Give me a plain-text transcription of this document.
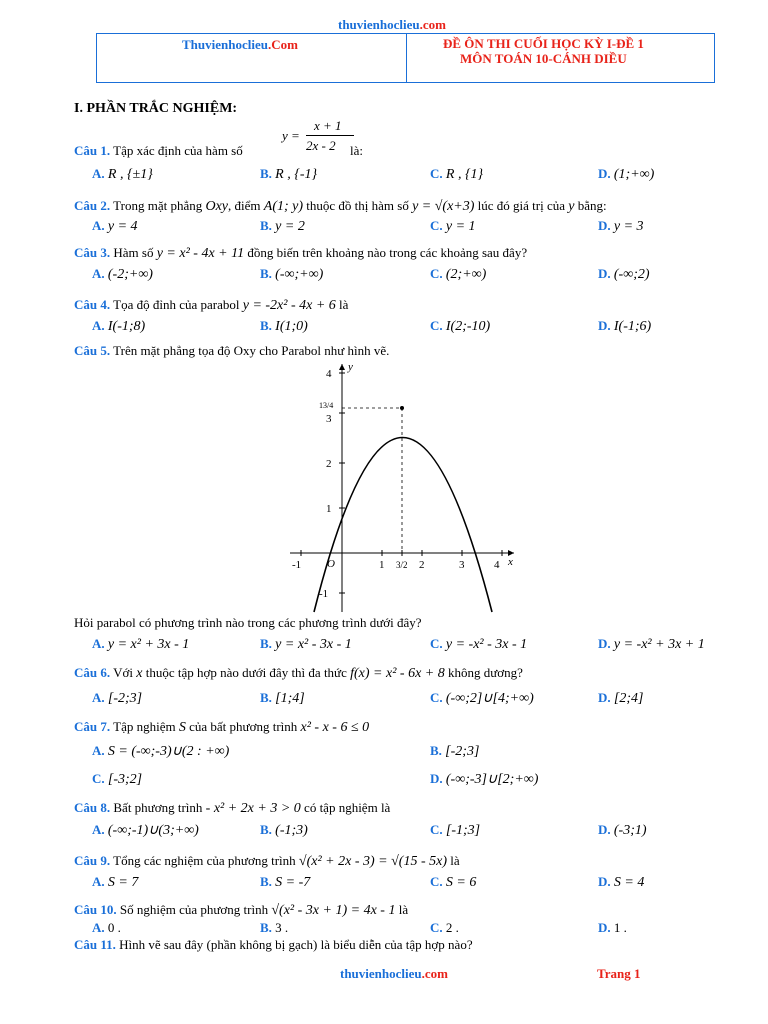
thuvienhoclieu.com
Thuvienhoclieu.Com	ĐỀ ÔN THI CUỐI HỌC KỲ I-ĐỀ 1
MÔN TOÁN 10-CÁNH DIỀU
I. PHẦN TRẮC NGHIỆM:
Câu 1. Tập xác định của hàm số
y =
x + 1
2x - 2 là:
A. R , {±1}	B. R , {-1}	C. R , {1}	D. (1;+∞)
Câu 2. Trong mặt phẳng Oxy, điểm A(1; y) thuộc đồ thị hàm số y = √(x+3) lúc đó giá trị của y bằng:
A. y = 4	B. y = 2	C. y = 1	D. y = 3
Câu 3. Hàm số y = x² - 4x + 11 đồng biến trên khoảng nào trong các khoảng sau đây?
A. (-2;+∞)	B. (-∞;+∞)	C. (2;+∞)	D. (-∞;2)
Câu 4. Tọa độ đỉnh của parabol y = -2x² - 4x + 6 là
A. I(-1;8)	B. I(1;0)	C. I(2;-10)	D. I(-1;6)
Câu 5. Trên mặt phẳng tọa độ Oxy cho Parabol như hình vẽ.
y
x
O
-1	1 3/2 2	3	4
4
13/4
3
2
1
-1
Hỏi parabol có phương trình nào trong các phương trình dưới đây?
A. y = x² + 3x - 1	B. y = x² - 3x - 1	C. y = -x² - 3x - 1	D. y = -x² + 3x + 1
Câu 6. Với x thuộc tập hợp nào dưới đây thì đa thức f(x) = x² - 6x + 8 không dương?
A. [-2;3]	B. [1;4]	C. (-∞;2]∪[4;+∞)	D. [2;4]
Câu 7. Tập nghiệm S của bất phương trình x² - x - 6 ≤ 0
A. S = (-∞;-3)∪(2 : +∞)	B. [-2;3]
C. [-3;2]	D. (-∞;-3]∪[2;+∞)
Câu 8. Bất phương trình - x² + 2x + 3 > 0 có tập nghiệm là
A. (-∞;-1)∪(3;+∞)	B. (-1;3)	C. [-1;3]	D. (-3;1)
Câu 9. Tổng các nghiệm của phương trình √(x² + 2x - 3) = √(15 - 5x) là
A. S = 7	B. S = -7	C. S = 6	D. S = 4
Câu 10. Số nghiệm của phương trình √(x² - 3x + 1) = 4x - 1 là
A. 0 .	B. 3 .	C. 2 .	D. 1 .
Câu 11. Hình vẽ sau đây (phần không bị gạch) là biểu diễn của tập hợp nào?
thuvienhoclieu.com	Trang 1
